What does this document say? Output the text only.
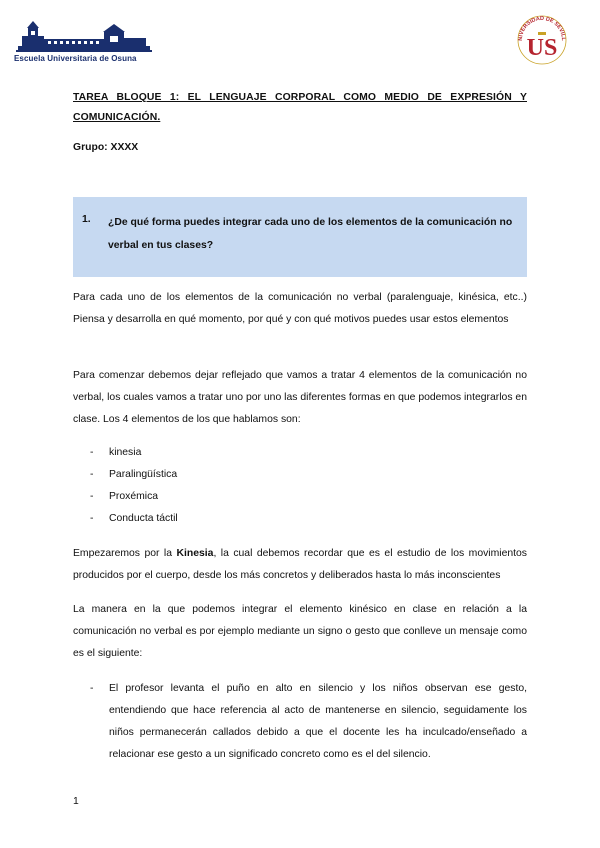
Escuela Universitaria de Osuna
NIVERSIDAD DE SEVILL
US
TAREA BLOQUE 1: EL LENGUAJE CORPORAL COMO MEDIO DE EXPRESIÓN Y COMUNICACIÓN.
Grupo: XXXX
1. ¿De qué forma puedes integrar cada uno de los elementos de la comunicación no verbal en tus clases?
Para cada uno de los elementos de la comunicación no verbal (paralenguaje, kinésica, etc..) Piensa y desarrolla en qué momento, por qué y con qué motivos puedes usar estos elementos
Para comenzar debemos dejar reflejado que vamos a tratar 4 elementos de la comunicación no verbal, los cuales vamos a tratar uno por uno las diferentes formas en que podemos integrarlos en clase. Los 4 elementos de los que hablamos son:
- kinesia
- Paralingüística
- Proxémica
- Conducta táctil
Empezaremos por la Kinesia, la cual debemos recordar que es el estudio de los movimientos producidos por el cuerpo, desde los más concretos y deliberados hasta lo más inconscientes
La manera en la que podemos integrar el elemento kinésico en clase en relación a la comunicación no verbal es por ejemplo mediante un signo o gesto que conlleve un mensaje como es el siguiente:
- El profesor levanta el puño en alto en silencio y los niños observan ese gesto, entendiendo que hace referencia al acto de mantenerse en silencio, seguidamente los niños permanecerán callados debido a que el docente les ha inculcado/enseñado a relacionar ese gesto a un significado concreto como es el del silencio.
1
